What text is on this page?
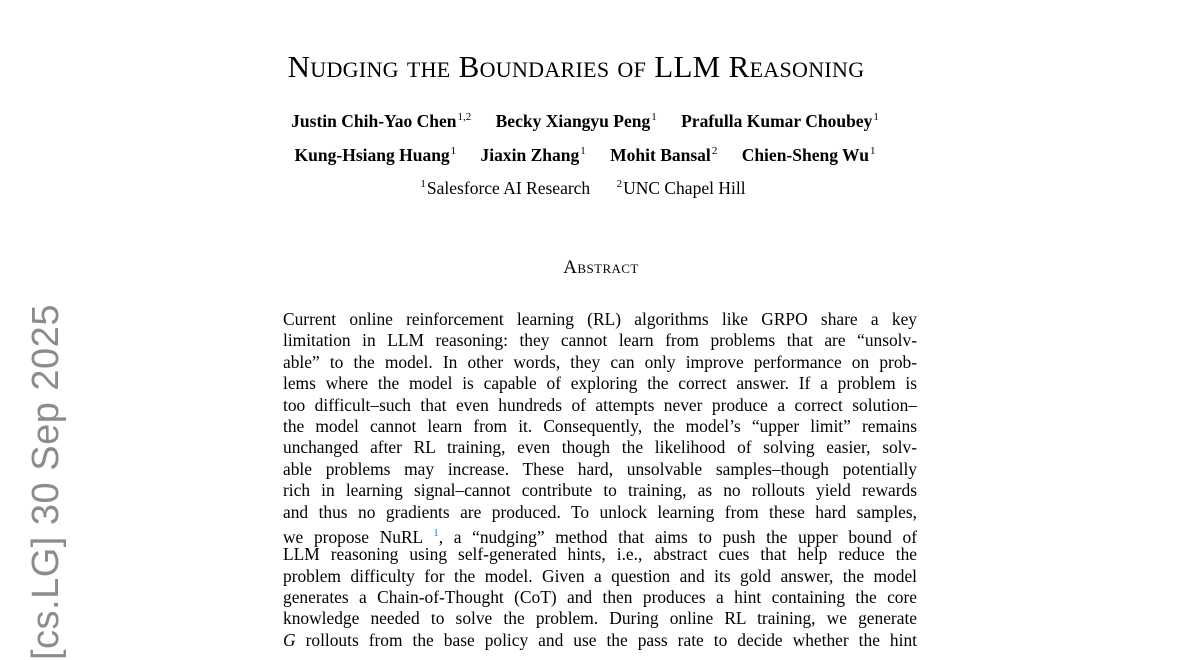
[cs.LG] 30 Sep 2025
Nudging the Boundaries of LLM Reasoning
Justin Chih-Yao Chen$^{1,2}$ Becky Xiangyu Peng$^1$ Prafulla Kumar Choubey$^1$
Kung-Hsiang Huang$^1$ Jiaxin Zhang$^1$ Mohit Bansal$^2$ Chien-Sheng Wu$^1$
$^1$Salesforce AI Research $^2$UNC Chapel Hill
Abstract
Current online reinforcement learning (RL) algorithms like GRPO share a key
limitation in LLM reasoning: they cannot learn from problems that are “unsolv-
able” to the model. In other words, they can only improve performance on prob-
lems where the model is capable of exploring the correct answer. If a problem is
too difficult–such that even hundreds of attempts never produce a correct solution–
the model cannot learn from it. Consequently, the model’s “upper limit” remains
unchanged after RL training, even though the likelihood of solving easier, solv-
able problems may increase. These hard, unsolvable samples–though potentially
rich in learning signal–cannot contribute to training, as no rollouts yield rewards
and thus no gradients are produced. To unlock learning from these hard samples,
we propose NuRL $^1$, a “nudging” method that aims to push the upper bound of
LLM reasoning using self-generated hints, i.e., abstract cues that help reduce the
problem difficulty for the model. Given a question and its gold answer, the model
generates a Chain-of-Thought (CoT) and then produces a hint containing the core
knowledge needed to solve the problem. During online RL training, we generate
G rollouts from the base policy and use the pass rate to decide whether the hint
